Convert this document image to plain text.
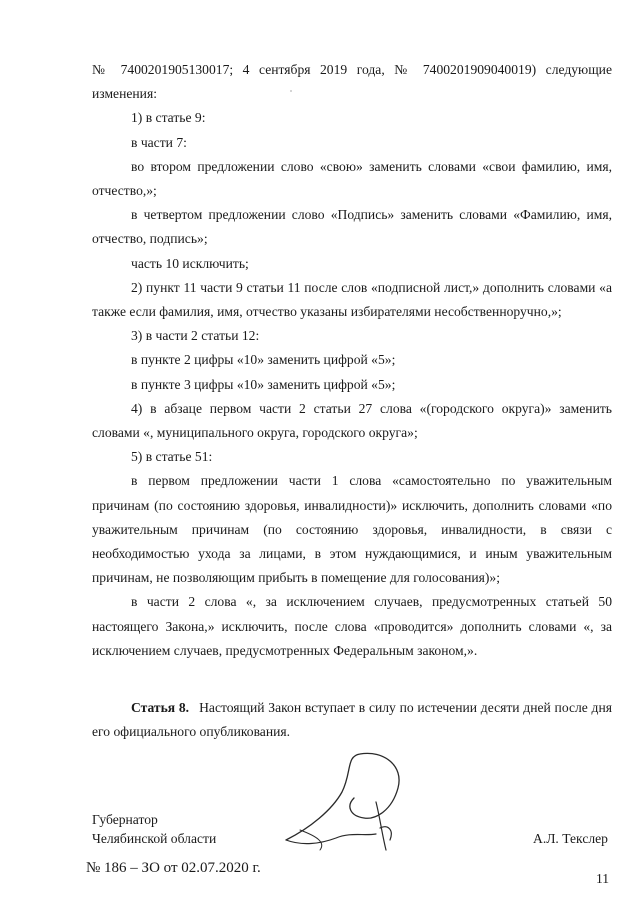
№ 7400201905130017; 4 сентября 2019 года, № 7400201909040019) следующие изменения:

1) в статье 9:

в части 7:

во втором предложении слово «свою» заменить словами «свои фамилию, имя, отчество,»;

в четвертом предложении слово «Подпись» заменить словами «Фамилию, имя, отчество, подпись»;

часть 10 исключить;

2) пункт 11 части 9 статьи 11 после слов «подписной лист,» дополнить словами «а также если фамилия, имя, отчество указаны избирателями несобственноручно,»;

3) в части 2 статьи 12:

в пункте 2 цифры «10» заменить цифрой «5»;

в пункте 3 цифры «10» заменить цифрой «5»;

4) в абзаце первом части 2 статьи 27 слова «(городского округа)» заменить словами «, муниципального округа, городского округа»;

5) в статье 51:

в первом предложении части 1 слова «самостоятельно по уважительным причинам (по состоянию здоровья, инвалидности)» исключить, дополнить словами «по уважительным причинам (по состоянию здоровья, инвалидности, в связи с необходимостью ухода за лицами, в этом нуждающимися, и иным уважительным причинам, не позволяющим прибыть в помещение для голосования)»;

в части 2 слова «, за исключением случаев, предусмотренных статьей 50 настоящего Закона,» исключить, после слова «проводится» дополнить словами «, за исключением случаев, предусмотренных Федеральным законом,».

Статья 8. Настоящий Закон вступает в силу по истечении десяти дней после дня его официального опубликования.

Губернатор
Челябинской области	А.Л. Текслер
№ 186 – ЗО от 02.07.2020 г.
11
